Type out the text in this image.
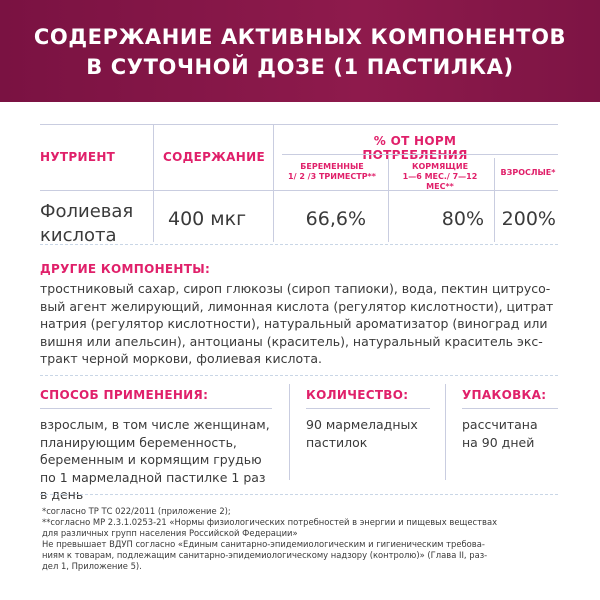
СОДЕРЖАНИЕ АКТИВНЫХ КОМПОНЕНТОВ
В СУТОЧНОЙ ДОЗЕ (1 ПАСТИЛКА)
% ОТ НОРМ ПОТРЕБЛЕНИЯ
НУТРИЕНТ	СОДЕРЖАНИЕ
БЕРЕМЕННЫЕ
1/ 2 /3 ТРИМЕСТР**
КОРМЯЩИЕ
1—6 МЕС./ 7—12 МЕС**
ВЗРОСЛЫЕ*
Фолиевая
кислота
400 мкг	66,6%	80% 200%
ДРУГИЕ КОМПОНЕНТЫ:
тростниковый сахар, сироп глюкозы (сироп тапиоки), вода, пектин цитрусо-
вый агент желирующий, лимонная кислота (регулятор кислотности), цитрат
натрия (регулятор кислотности), натуральный ароматизатор (виноград или
вишня или апельсин), антоцианы (краситель), натуральный краситель экс-
тракт черной моркови, фолиевая кислота.
СПОСОБ ПРИМЕНЕНИЯ:
взрослым, в том числе женщинам,
планирующим беременность,
беременным и кормящим грудью
по 1 мармеладной пастилке 1 раз
в день
КОЛИЧЕСТВО:
90 мармеладных
пастилок
УПАКОВКА:
рассчитана
на 90 дней
*согласно ТР ТС 022/2011 (приложение 2);
**согласно МР 2.3.1.0253-21 «Нормы физиологических потребностей в энергии и пищевых веществах
для различных групп населения Российской Федерации»
Не превышает ВДУП согласно «Единым санитарно-эпидемиологическим и гигиеническим требова-
ниям к товарам, подлежащим санитарно-эпидемиологическому надзору (контролю)» (Глава II, раз-
дел 1, Приложение 5).
